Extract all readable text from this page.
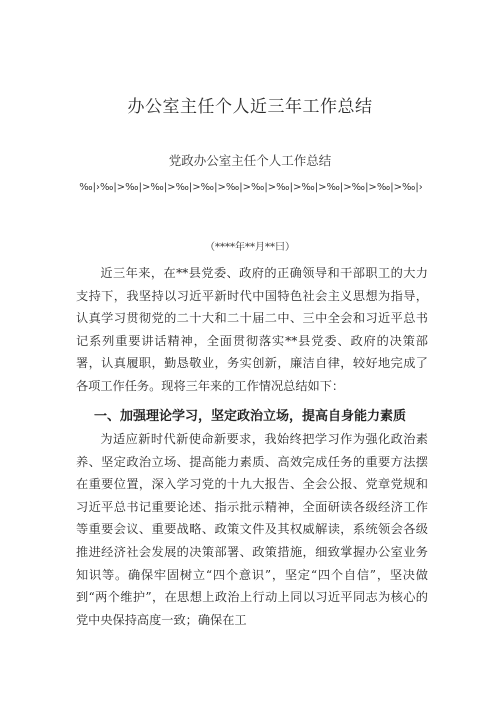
办公室主任个人近三年工作总结
党政办公室主任个人工作总结
‰|›‰|>‰|>‰|>‰|>‰|>‰|>‰|>‰|>‰|>‰|>‰|>‰|>‰|›
（****年**月**曰）

近三年来，在**县党委、政府的正确领导和干部职工的大力支持下，我坚持以习近平新时代中国特色社会主义思想为指导，认真学习贯彻党的二十大和二十届二中、三中全会和习近平总书记系列重要讲话精神，全面贯彻落实**县党委、政府的决策部署，认真履职，勤恳敬业，务实创新，廉洁自律，较好地完成了各项工作任务。现将三年来的工作情况总结如下：

一、加强理论学习，坚定政治立场，提高自身能力素质

为适应新时代新使命新要求，我始终把学习作为强化政治素养、坚定政治立场、提高能力素质、高效完成任务的重要方法摆在重要位置，深入学习党的十九大报告、全会公报、党章党规和习近平总书记重要论述、指示批示精神，全面研读各级经济工作等重要会议、重要战略、政策文件及其权威解读，系统领会各级推进经济社会发展的决策部署、政策措施，细致掌握办公室业务知识等。确保牢固树立“四个意识”，坚定“四个自信”，坚决做到“两个维护”，在思想上政治上行动上同以习近平同志为核心的党中央保持高度一致；确保在工
